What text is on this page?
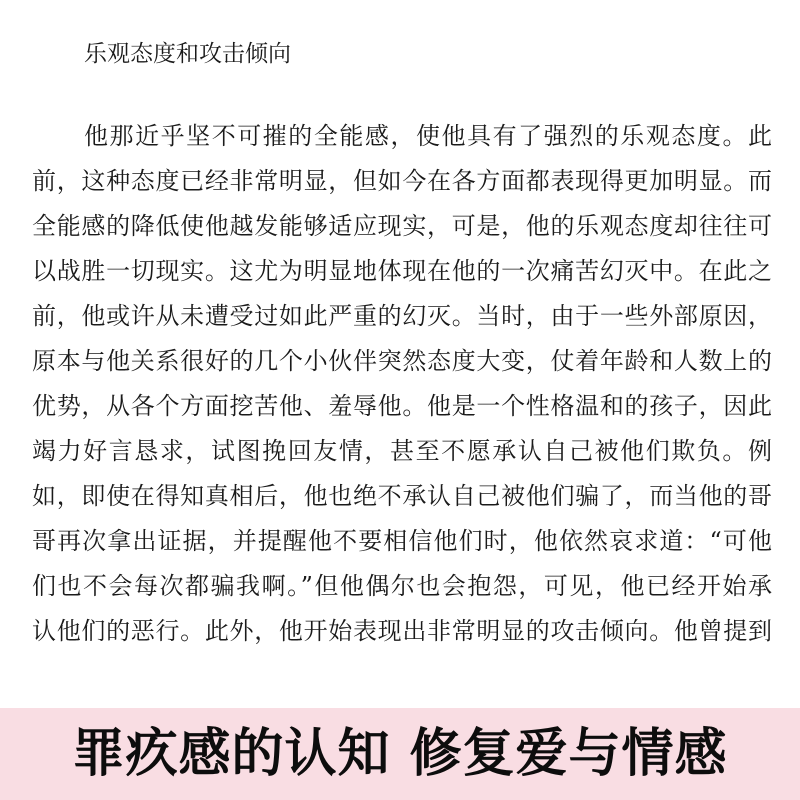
乐观态度和攻击倾向
他那近乎坚不可摧的全能感，使他具有了强烈的乐观态度。此
前，这种态度已经非常明显，但如今在各方面都表现得更加明显。而
全能感的降低使他越发能够适应现实，可是，他的乐观态度却往往可
以战胜一切现实。这尤为明显地体现在他的一次痛苦幻灭中。在此之
前，他或许从未遭受过如此严重的幻灭。当时，由于一些外部原因，
原本与他关系很好的几个小伙伴突然态度大变，仗着年龄和人数上的
优势，从各个方面挖苦他、羞辱他。他是一个性格温和的孩子，因此
竭力好言恳求，试图挽回友情，甚至不愿承认自己被他们欺负。例
如，即使在得知真相后，他也绝不承认自己被他们骗了，而当他的哥
哥再次拿出证据，并提醒他不要相信他们时，他依然哀求道：“可他
们也不会每次都骗我啊。”但他偶尔也会抱怨，可见，他已经开始承
认他们的恶行。此外，他开始表现出非常明显的攻击倾向。他曾提到
罪疚感的认知 修复爱与情感
